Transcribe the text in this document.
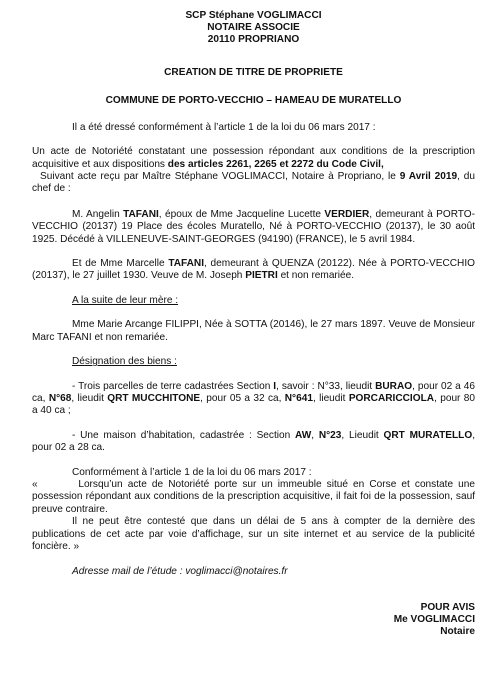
SCP Stéphane VOGLIMACCI
NOTAIRE ASSOCIE
20110 PROPRIANO
CREATION DE TITRE DE PROPRIETE
COMMUNE DE PORTO-VECCHIO – HAMEAU DE MURATELLO

Il a été dressé conformément à l’article 1 de la loi du 06 mars 2017 :

Un acte de Notoriété constatant une possession répondant aux conditions de la prescription acquisitive et aux dispositions des articles 2261, 2265 et 2272 du Code Civil,

Suivant acte reçu par Maître Stéphane VOGLIMACCI, Notaire à Propriano, le 9 Avril 2019, du chef de :

M. Angelin TAFANI, époux de Mme Jacqueline Lucette VERDIER, demeurant à PORTO-VECCHIO (20137) 19 Place des écoles Muratello, Né à PORTO-VECCHIO (20137), le 30 août 1925. Décédé à VILLENEUVE-SAINT-GEORGES (94190) (FRANCE), le 5 avril 1984.

Et de Mme Marcelle TAFANI, demeurant à QUENZA (20122). Née à PORTO-VECCHIO (20137), le 27 juillet 1930. Veuve de M. Joseph PIETRI et non remariée.

A la suite de leur mère :

Mme Marie Arcange FILIPPI, Née à SOTTA (20146), le 27 mars 1897. Veuve de Monsieur Marc TAFANI et non remariée.

Désignation des biens :

- Trois parcelles de terre cadastrées Section I, savoir : N°33, lieudit BURAO, pour 02 a 46 ca, N°68, lieudit QRT MUCCHITONE, pour 05 a 32 ca, N°641, lieudit PORCARICCIOLA, pour 80 a 40 ca ;

- Une maison d’habitation, cadastrée : Section AW, N°23, Lieudit QRT MURATELLO, pour 02 a 28 ca.

Conformément à l’article 1 de la loi du 06 mars 2017 :

«        Lorsqu’un acte de Notoriété porte sur un immeuble situé en Corse et constate une possession répondant aux conditions de la prescription acquisitive, il fait foi de la possession, sauf preuve contraire.

Il ne peut être contesté que dans un délai de 5 ans à compter de la dernière des publications de cet acte par voie d’affichage, sur un site internet et au service de la publicité foncière. »

Adresse mail de l’étude : voglimacci@notaires.fr

POUR AVIS
Me VOGLIMACCI
Notaire
